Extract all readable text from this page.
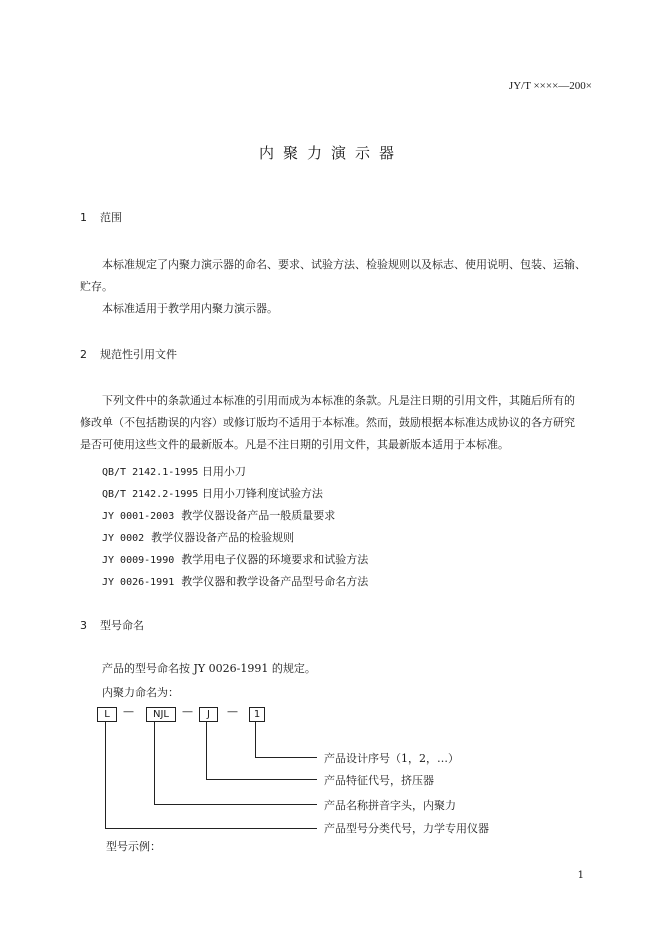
JY/T ××××—200×
内聚力演示器
1 范围
本标准规定了内聚力演示器的命名、要求、试验方法、检验规则以及标志、使用说明、包装、运输、
贮存。
本标准适用于教学用内聚力演示器。
2 规范性引用文件
下列文件中的条款通过本标准的引用而成为本标准的条款。凡是注日期的引用文件，其随后所有的
修改单（不包括勘误的内容）或修订版均不适用于本标准。然而，鼓励根据本标准达成协议的各方研究
是否可使用这些文件的最新版本。凡是不注日期的引用文件，其最新版本适用于本标准。
QB/T 2142.1-1995 日用小刀
QB/T 2142.2-1995 日用小刀锋利度试验方法
JY 0001-2003 教学仪器设备产品一般质量要求
JY 0002 教学仪器设备产品的检验规则
JY 0009-1990 教学用电子仪器的环境要求和试验方法
JY 0026-1991 教学仪器和教学设备产品型号命名方法
3 型号命名
产品的型号命名按 JY 0026-1991 的规定。
内聚力命名为：
L	—	NJL	—	J	—	1
产品设计序号（1，2，…）
产品特征代号，挤压器
产品名称拼音字头，内聚力
产品型号分类代号，力学专用仪器
型号示例：
1
